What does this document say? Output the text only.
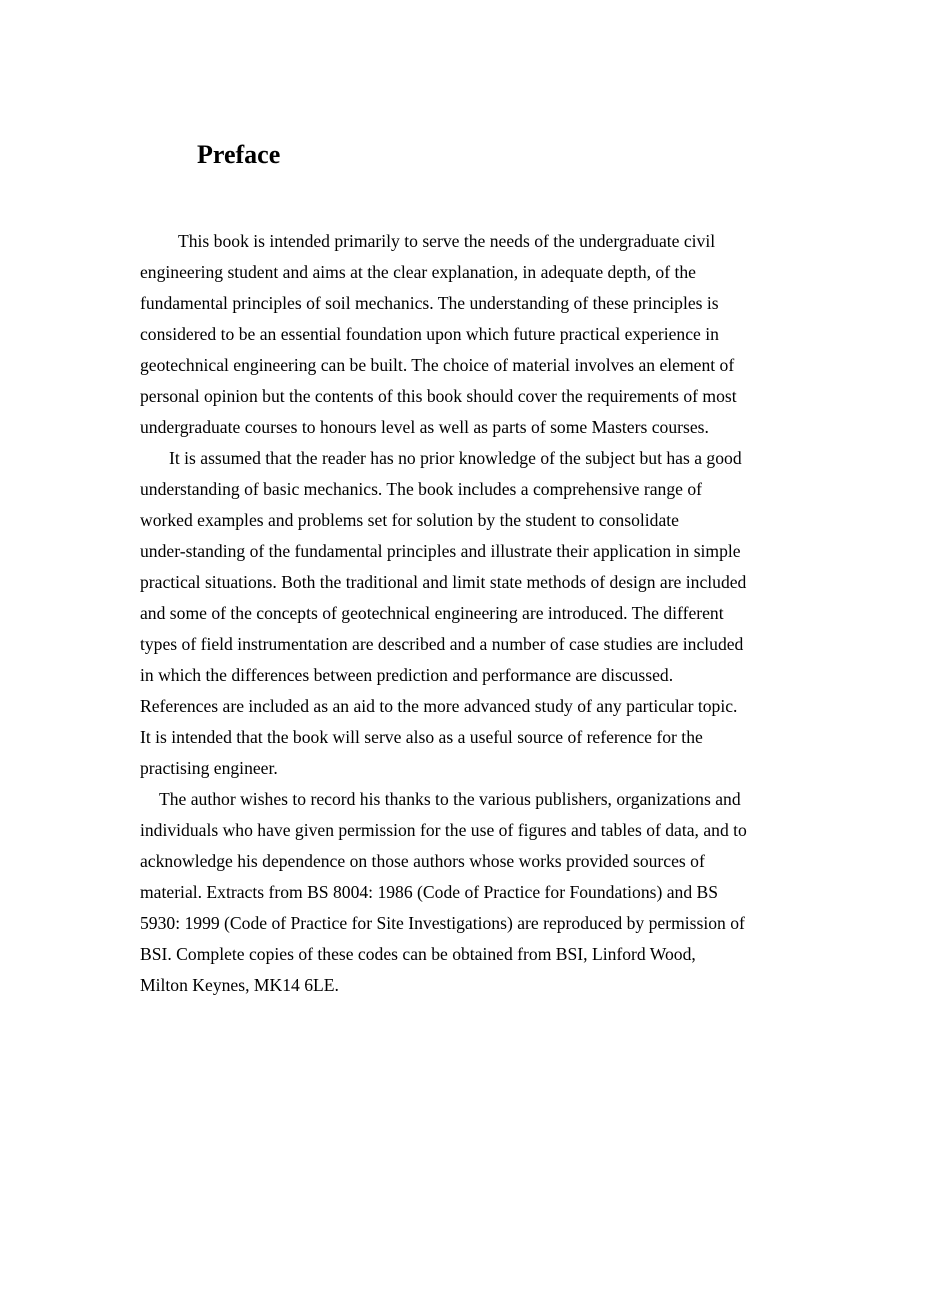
Preface

This book is intended primarily to serve the needs of the undergraduate civil
engineering student and aims at the clear explanation, in adequate depth, of the
fundamental principles of soil mechanics. The understanding of these principles is
considered to be an essential foundation upon which future practical experience in
geotechnical engineering can be built. The choice of material involves an element of
personal opinion but the contents of this book should cover the requirements of most
undergraduate courses to honours level as well as parts of some Masters courses.

It is assumed that the reader has no prior knowledge of the subject but has a good
understanding of basic mechanics. The book includes a comprehensive range of
worked examples and problems set for solution by the student to consolidate
under-standing of the fundamental principles and illustrate their application in simple
practical situations. Both the traditional and limit state methods of design are included
and some of the concepts of geotechnical engineering are introduced. The different
types of field instrumentation are described and a number of case studies are included
in which the differences between prediction and performance are discussed.
References are included as an aid to the more advanced study of any particular topic.
It is intended that the book will serve also as a useful source of reference for the
practising engineer.

The author wishes to record his thanks to the various publishers, organizations and
individuals who have given permission for the use of figures and tables of data, and to
acknowledge his dependence on those authors whose works provided sources of
material. Extracts from BS 8004: 1986 (Code of Practice for Foundations) and BS
5930: 1999 (Code of Practice for Site Investigations) are reproduced by permission of
BSI. Complete copies of these codes can be obtained from BSI, Linford Wood,
Milton Keynes, MK14 6LE.
